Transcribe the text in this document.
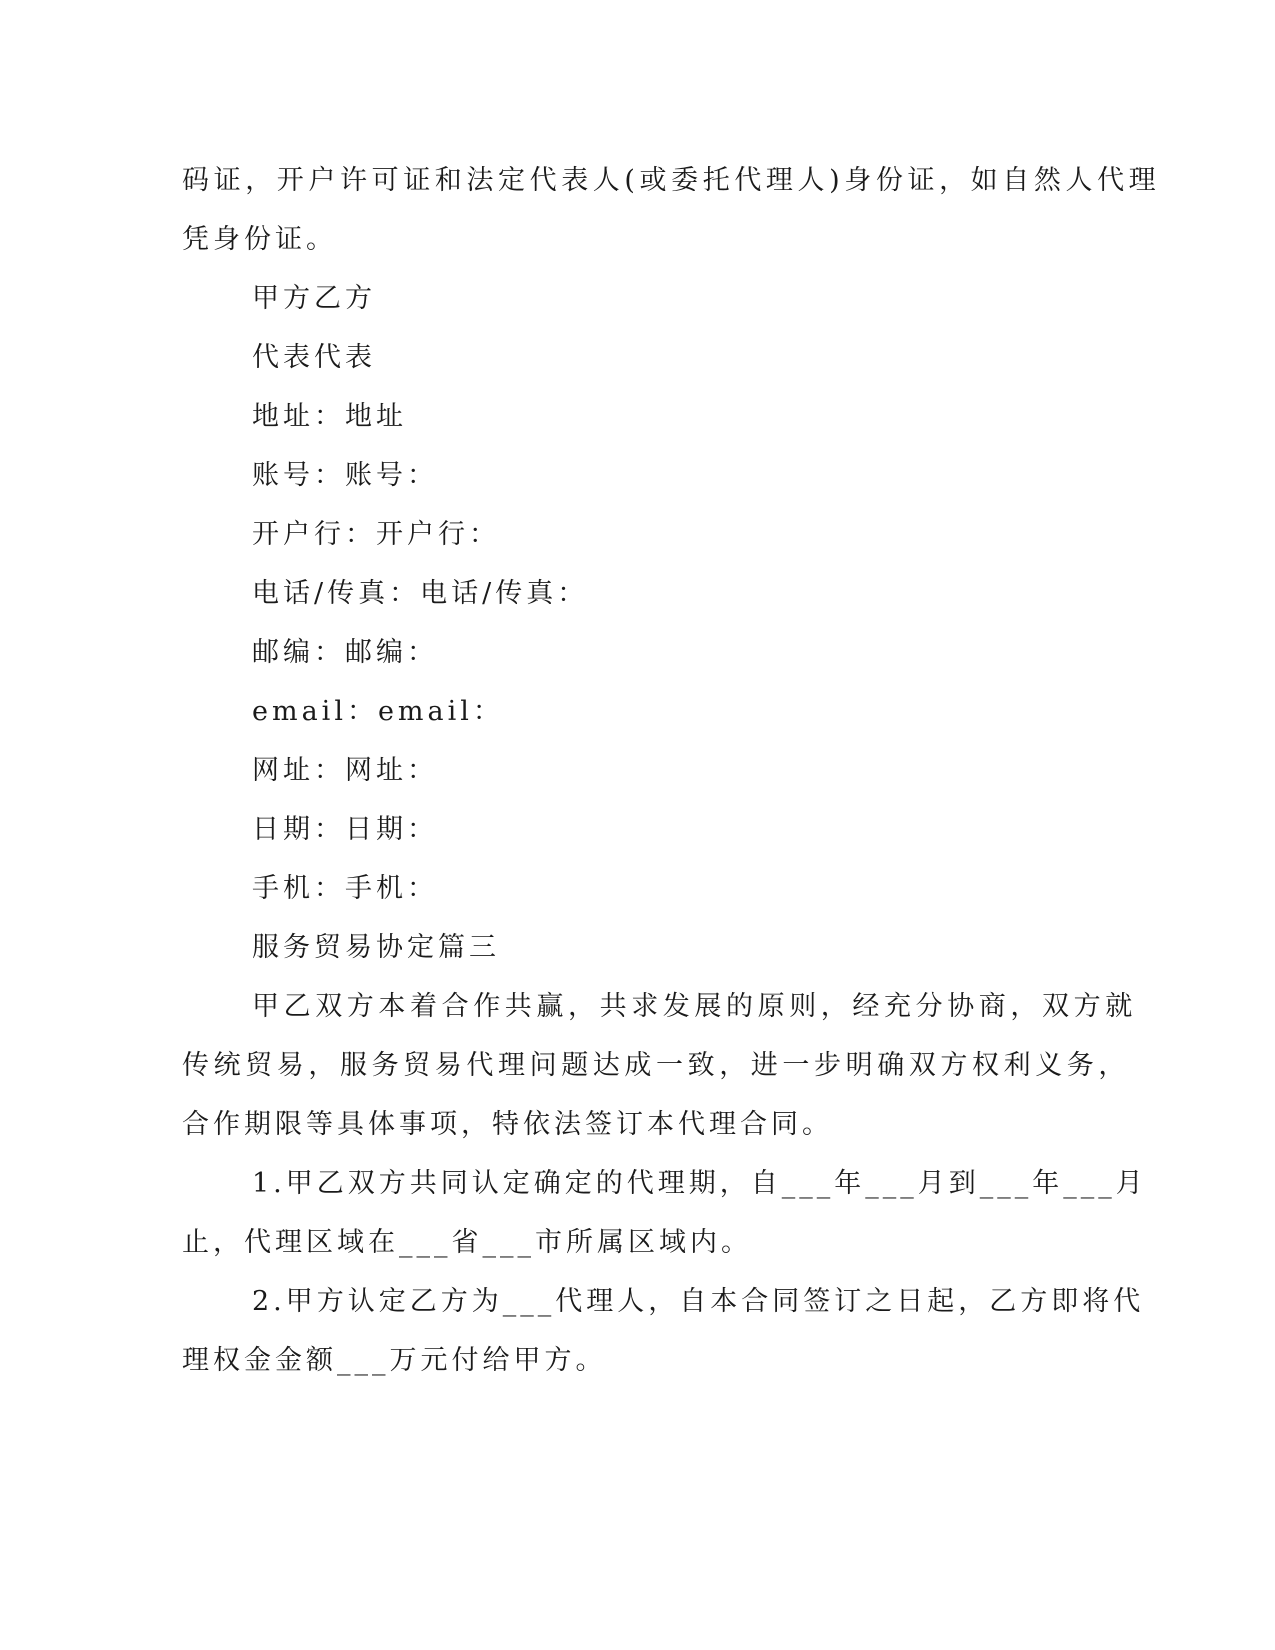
码证，开户许可证和法定代表人(或委托代理人)身份证，如自然人代理
凭身份证。
甲方乙方
代表代表
地址：地址
账号：账号：
开户行：开户行：
电话/传真：电话/传真：
邮编：邮编：
email：email：
网址：网址：
日期：日期：
手机：手机：
服务贸易协定篇三
甲乙双方本着合作共赢，共求发展的原则，经充分协商，双方就
传统贸易，服务贸易代理问题达成一致，进一步明确双方权利义务，
合作期限等具体事项，特依法签订本代理合同。
1.甲乙双方共同认定确定的代理期，自___年___月到___年___月
止，代理区域在___省___市所属区域内。
2.甲方认定乙方为___代理人，自本合同签订之日起，乙方即将代
理权金金额___万元付给甲方。
